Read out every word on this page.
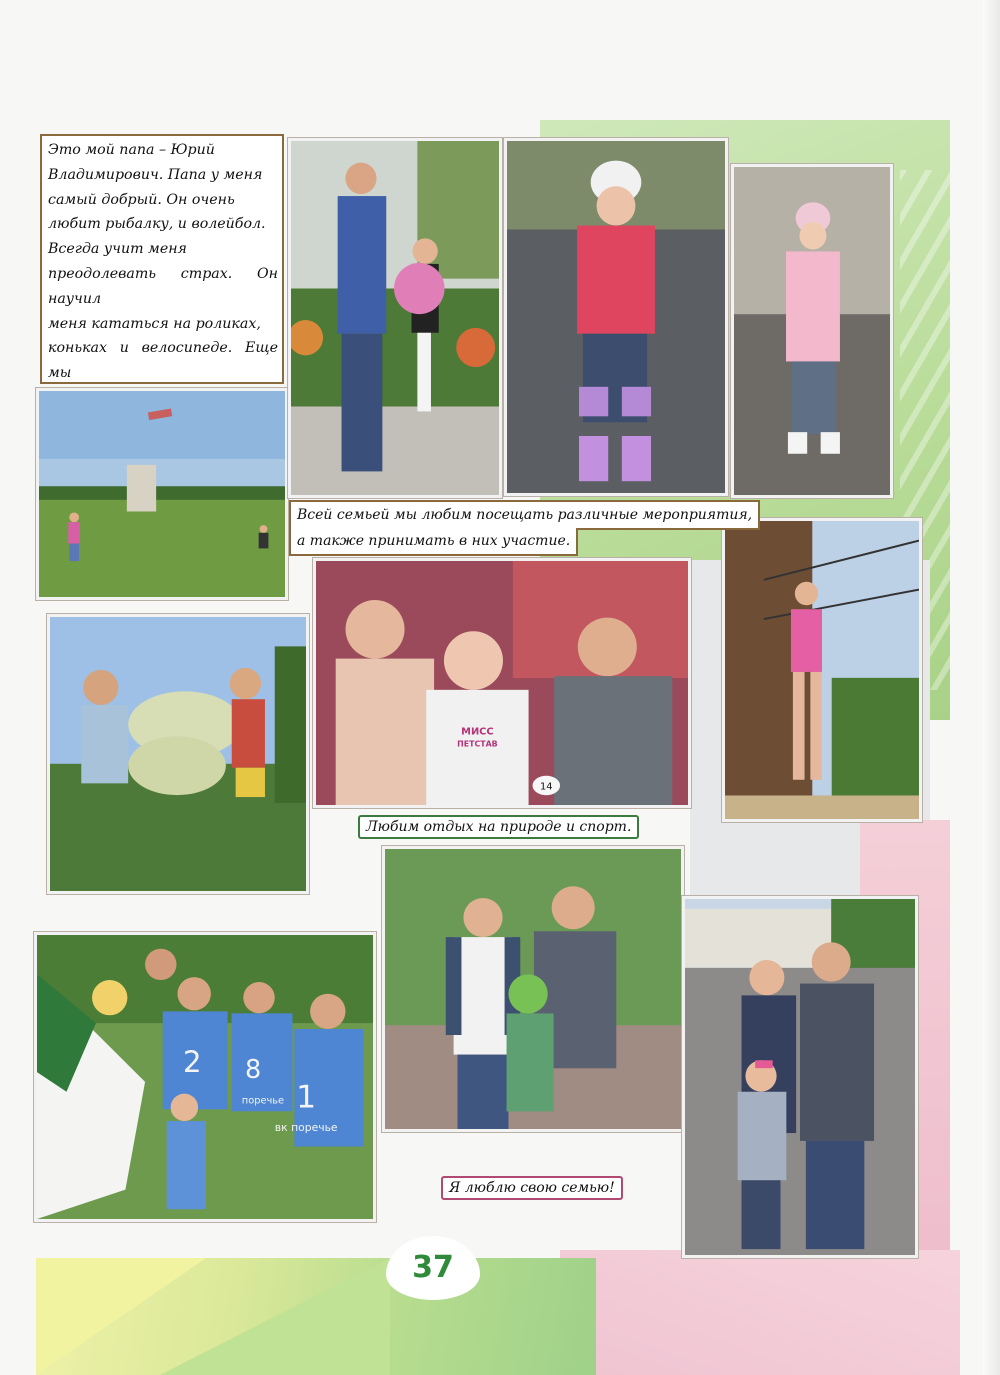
Это мой папа – Юрий
Владимирович. Папа у меня
самый добрый. Он очень
любит рыбалку, и волейбол.
Всегда учит меня
преодолевать страх. Он научил
меня кататься на роликах,
коньках и велосипеде. Еще мы
МИСС
ПЕТСТАВ
14
2 8
поречье 1
вк поречье
Всей семьей мы любим посещать различные мероприятия,
а также принимать в них участие.
Любим отдых на природе и спорт.
Я люблю свою семью!
37
